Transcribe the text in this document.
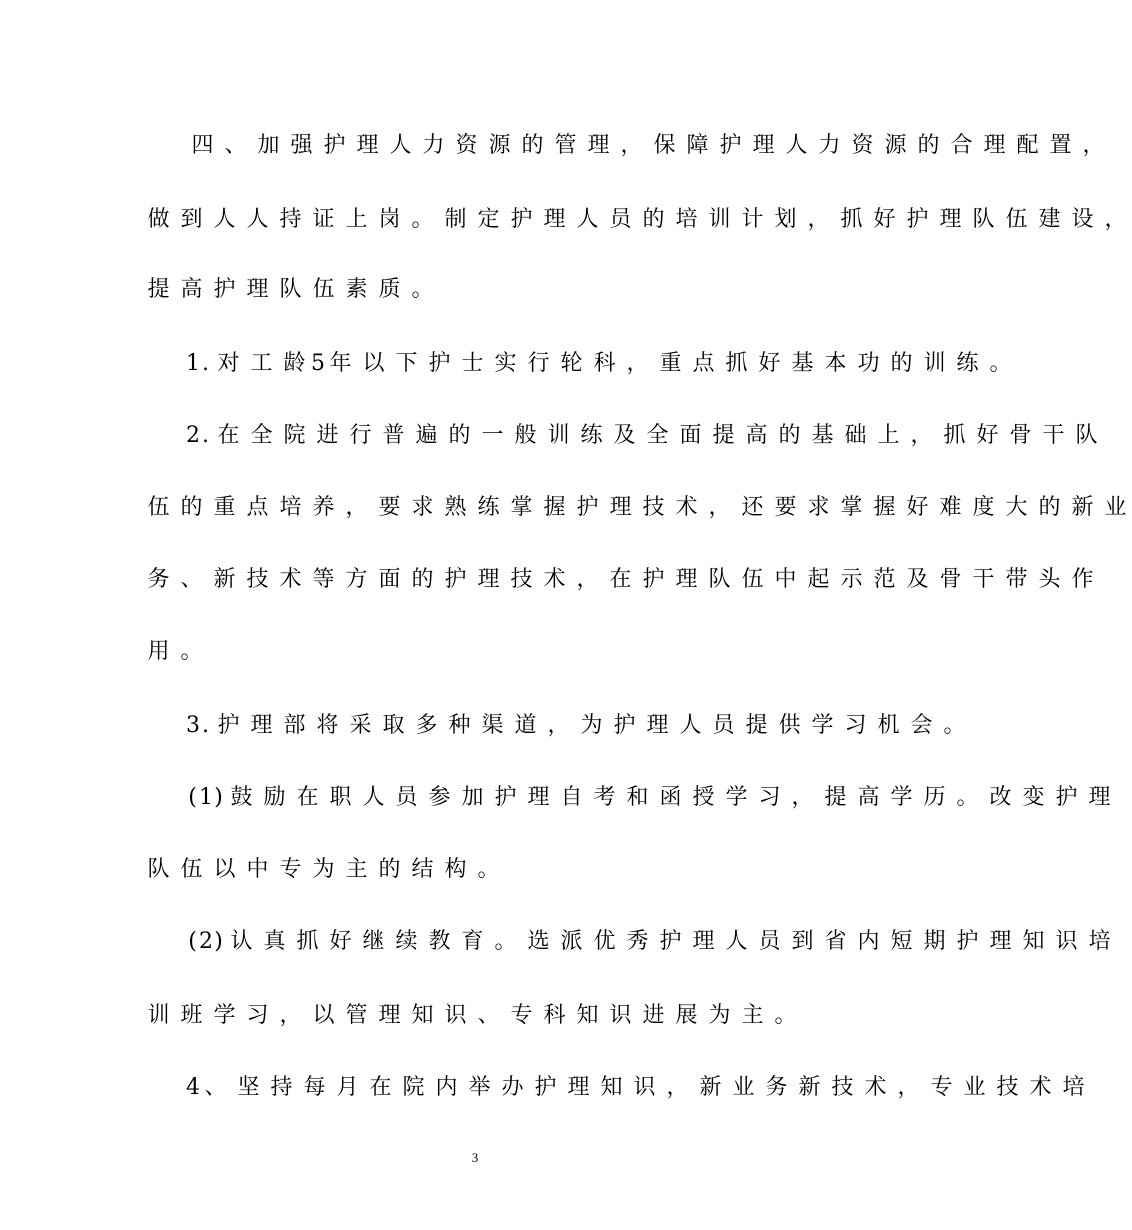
四 、 加 强 护 理 人 力 资 源 的 管 理 ， 保 障 护 理 人 力 资 源 的 合 理 配 置 ，
做 到 人 人 持 证 上 岗 。 制 定 护 理 人 员 的 培 训 计 划 ， 抓 好 护 理 队 伍 建 设 ，
提 高 护 理 队 伍 素 质 。
1 . 对 工 龄 5 年 以 下 护 士 实 行 轮 科 ， 重 点 抓 好 基 本 功 的 训 练 。
2 . 在 全 院 进 行 普 遍 的 一 般 训 练 及 全 面 提 高 的 基 础 上 ， 抓 好 骨 干 队
伍 的 重 点 培 养 ， 要 求 熟 练 掌 握 护 理 技 术 ， 还 要 求 掌 握 好 难 度 大 的 新 业
务 、 新 技 术 等 方 面 的 护 理 技 术 ， 在 护 理 队 伍 中 起 示 范 及 骨 干 带 头 作
用 。
3 . 护 理 部 将 采 取 多 种 渠 道 ， 为 护 理 人 员 提 供 学 习 机 会 。
( 1 ) 鼓 励 在 职 人 员 参 加 护 理 自 考 和 函 授 学 习 ， 提 高 学 历 。 改 变 护 理
队 伍 以 中 专 为 主 的 结 构 。
( 2 ) 认 真 抓 好 继 续 教 育 。 选 派 优 秀 护 理 人 员 到 省 内 短 期 护 理 知 识 培
训 班 学 习 ， 以 管 理 知 识 、 专 科 知 识 进 展 为 主 。
4 、 坚 持 每 月 在 院 内 举 办 护 理 知 识 ， 新 业 务 新 技 术 ， 专 业 技 术 培
3
